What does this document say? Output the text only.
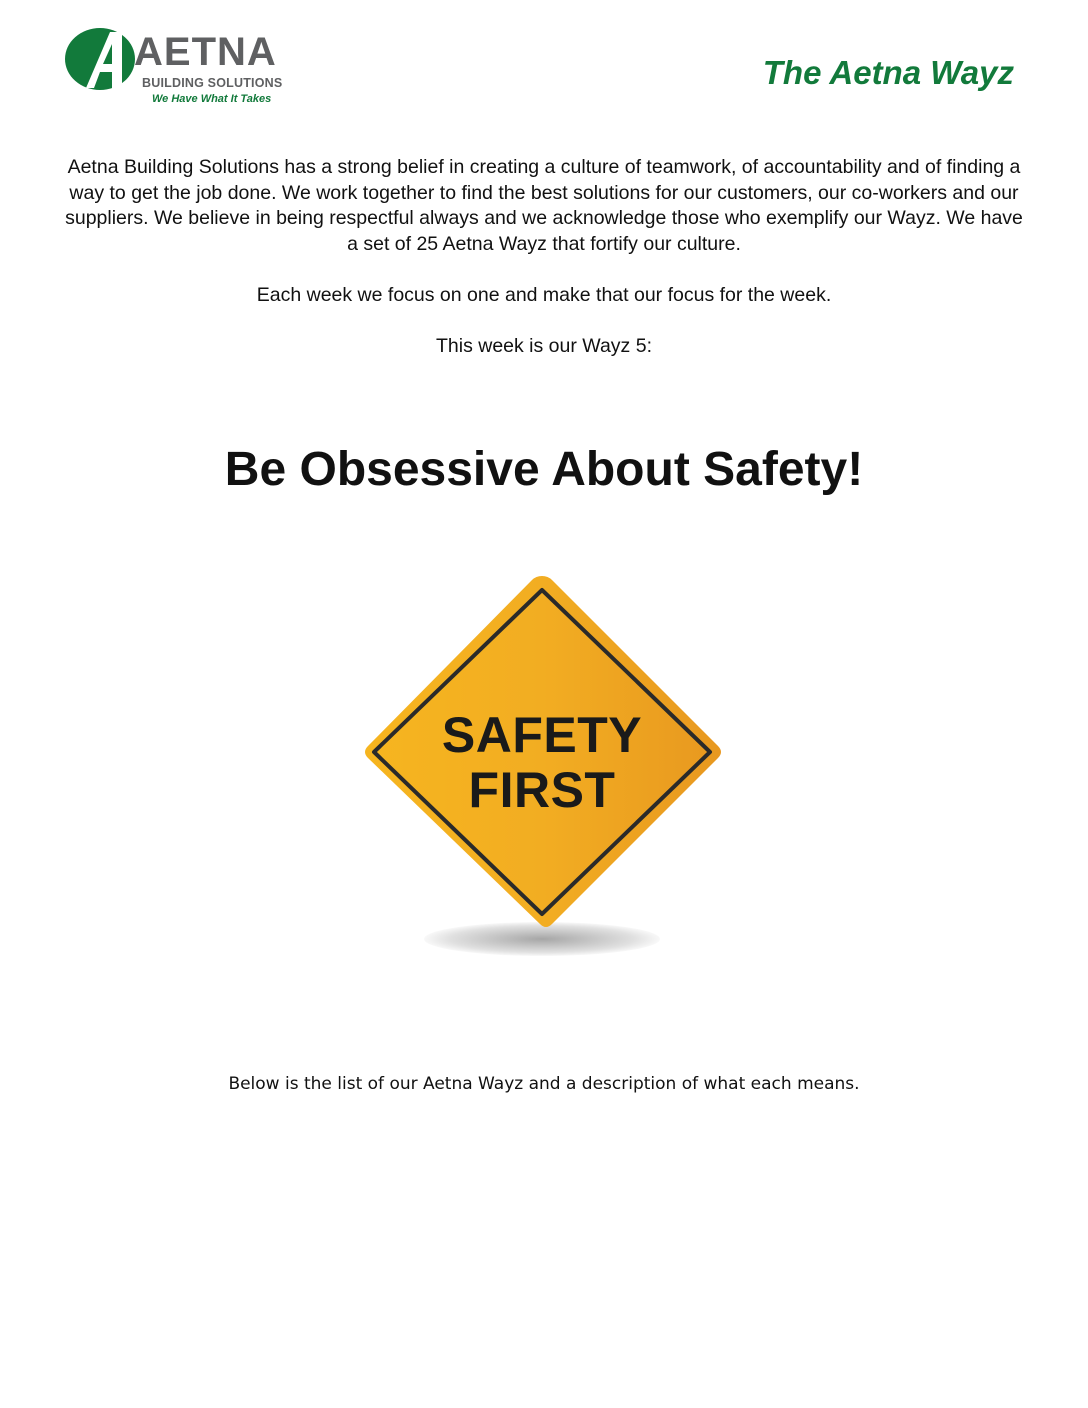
AETNA
BUILDING SOLUTIONS
We Have What It Takes
The Aetna Wayz

Aetna Building Solutions has a strong belief in creating a culture of teamwork, of accountability and of finding a way to get the job done. We work together to find the best solutions for our customers, our co-workers and our suppliers. We believe in being respectful always and we acknowledge those who exemplify our Wayz. We have a set of 25 Aetna Wayz that fortify our culture.

Each week we focus on one and make that our focus for the week.

This week is our Wayz 5:

Be Obsessive About Safety!
SAFETY
FIRST

Below is the list of our Aetna Wayz and a description of what each means.
